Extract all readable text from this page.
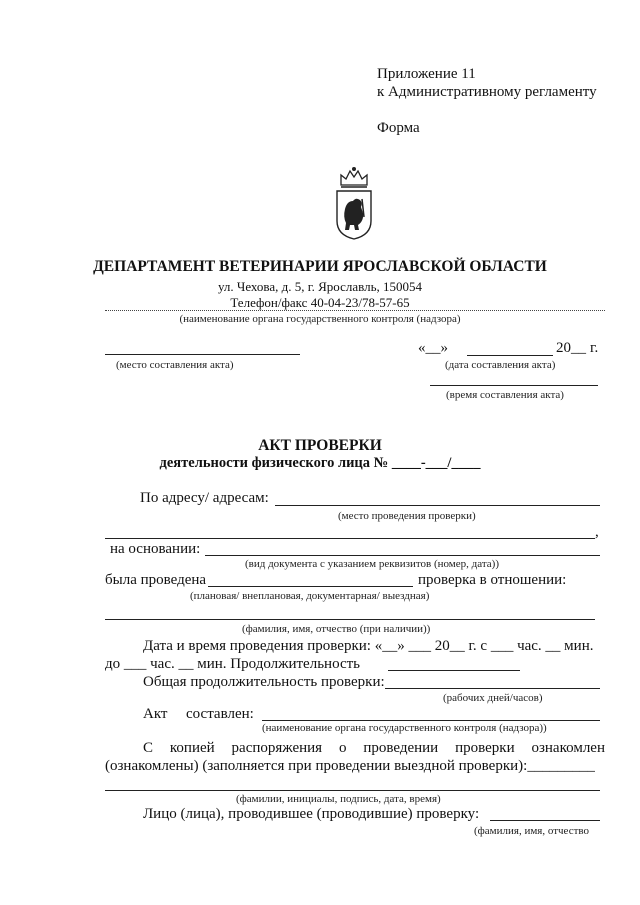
Приложение 11
к Административному регламенту
Форма
ДЕПАРТАМЕНТ ВЕТЕРИНАРИИ ЯРОСЛАВСКОЙ ОБЛАСТИ
ул. Чехова, д. 5, г. Ярославль, 150054
Телефон/факс 40-04-23/78-57-65
(наименование органа государственного контроля (надзора)
(место составления акта)
«__»	20__ г.
(дата составления акта)
(время составления акта)
АКТ ПРОВЕРКИ
деятельности физического лица № ____-___/____
По адресу/ адресам:
(место проведения проверки)
,
на основании:
(вид документа с указанием реквизитов (номер, дата))
была проведена	проверка в отношении:
(плановая/ внеплановая, документарная/ выездная)
(фамилия, имя, отчество (при наличии))
Дата и время проведения проверки: «__» ___ 20__ г. с ___ час. __ мин.
до ___ час. __ мин. Продолжительность
Общая продолжительность проверки:
(рабочих дней/часов)
Акт составлен:
(наименование органа государственного контроля (надзора))
С копией распоряжения о проведении проверки ознакомлен
(ознакомлены) (заполняется при проведении выездной проверки):_________
(фамилии, инициалы, подпись, дата, время)
Лицо (лица), проводившее (проводившие) проверку:
(фамилия, имя, отчество
